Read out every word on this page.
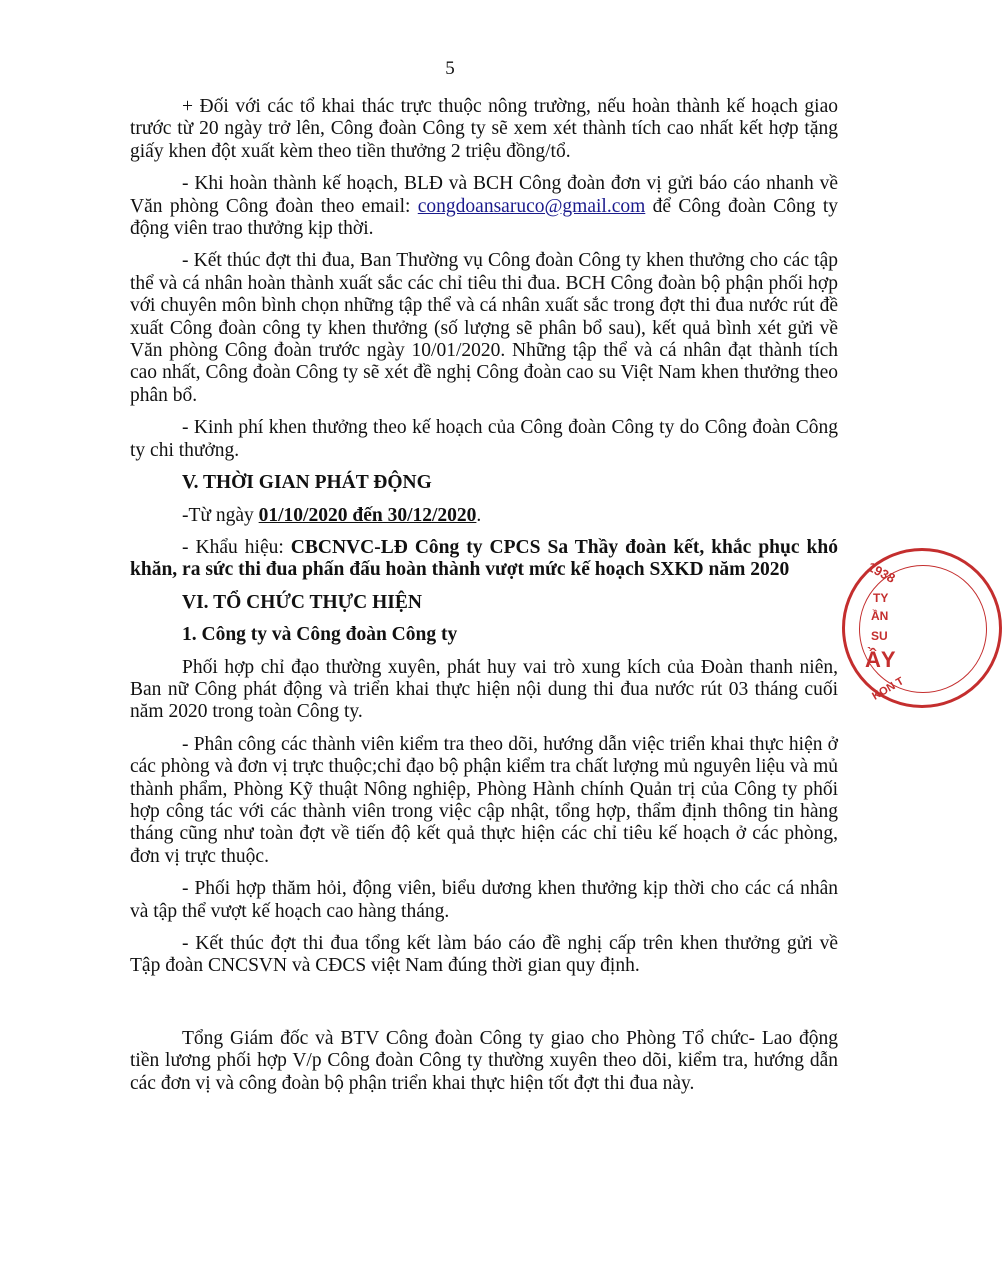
5

+ Đối với các tổ khai thác trực thuộc nông trường, nếu hoàn thành kế hoạch giao trước từ 20 ngày trở lên, Công đoàn Công ty sẽ xem xét thành tích cao nhất kết hợp tặng giấy khen đột xuất kèm theo tiền thưởng 2 triệu đồng/tổ.

- Khi hoàn thành kế hoạch, BLĐ và BCH Công đoàn đơn vị gửi báo cáo nhanh về Văn phòng Công đoàn theo email: congdoansaruco@gmail.com để Công đoàn Công ty động viên trao thưởng kịp thời.

- Kết thúc đợt thi đua, Ban Thường vụ Công đoàn Công ty khen thưởng cho các tập thể và cá nhân hoàn thành xuất sắc các chỉ tiêu thi đua. BCH Công đoàn bộ phận phối hợp với chuyên môn bình chọn những tập thể và cá nhân xuất sắc trong đợt thi đua nước rút đề xuất Công đoàn công ty khen thưởng (số lượng sẽ phân bổ sau), kết quả bình xét gửi về Văn phòng Công đoàn trước ngày 10/01/2020. Những tập thể và cá nhân đạt thành tích cao nhất, Công đoàn Công ty sẽ xét đề nghị Công đoàn cao su Việt Nam khen thưởng theo phân bổ.

- Kinh phí khen thưởng theo kế hoạch của Công đoàn Công ty do Công đoàn Công ty chi thưởng.

V. THỜI GIAN PHÁT ĐỘNG

-Từ ngày 01/10/2020 đến 30/12/2020.

- Khẩu hiệu: CBCNVC-LĐ Công ty CPCS Sa Thầy đoàn kết, khắc phục khó khăn, ra sức thi đua phấn đấu hoàn thành vượt mức kế hoạch SXKD năm 2020

VI. TỔ CHỨC THỰC HIỆN

1. Công ty và Công đoàn Công ty

Phối hợp chỉ đạo thường xuyên, phát huy vai trò xung kích của Đoàn thanh niên, Ban nữ Công phát động và triển khai thực hiện nội dung thi đua nước rút 03 tháng cuối năm 2020 trong toàn Công ty.

- Phân công các thành viên kiểm tra theo dõi, hướng dẫn việc triển khai thực hiện ở các phòng và đơn vị trực thuộc;chỉ đạo bộ phận kiểm tra chất lượng mủ nguyên liệu và mủ thành phẩm, Phòng Kỹ thuật Nông nghiệp, Phòng Hành chính Quản trị của Công ty phối hợp công tác với các thành viên trong việc cập nhật, tổng hợp, thẩm định thông tin hàng tháng cũng như toàn đợt về tiến độ kết quả thực hiện các chỉ tiêu kế hoạch ở các phòng, đơn vị trực thuộc.

- Phối hợp thăm hỏi, động viên, biểu dương khen thưởng kịp thời cho các cá nhân và tập thể vượt kế hoạch cao hàng tháng.

- Kết thúc đợt thi đua tổng kết làm báo cáo đề nghị cấp trên khen thưởng gửi về Tập đoàn CNCSVN và CĐCS việt Nam đúng thời gian quy định.

Tổng Giám đốc và BTV Công đoàn Công ty giao cho Phòng Tổ chức- Lao động tiền lương phối hợp V/p Công đoàn Công ty thường xuyên theo dõi, kiểm tra, hướng dẫn các đơn vị và công đoàn bộ phận triển khai thực hiện tốt đợt thi đua này.

1938
TY
ẦN
SU
ẦY
KON T
